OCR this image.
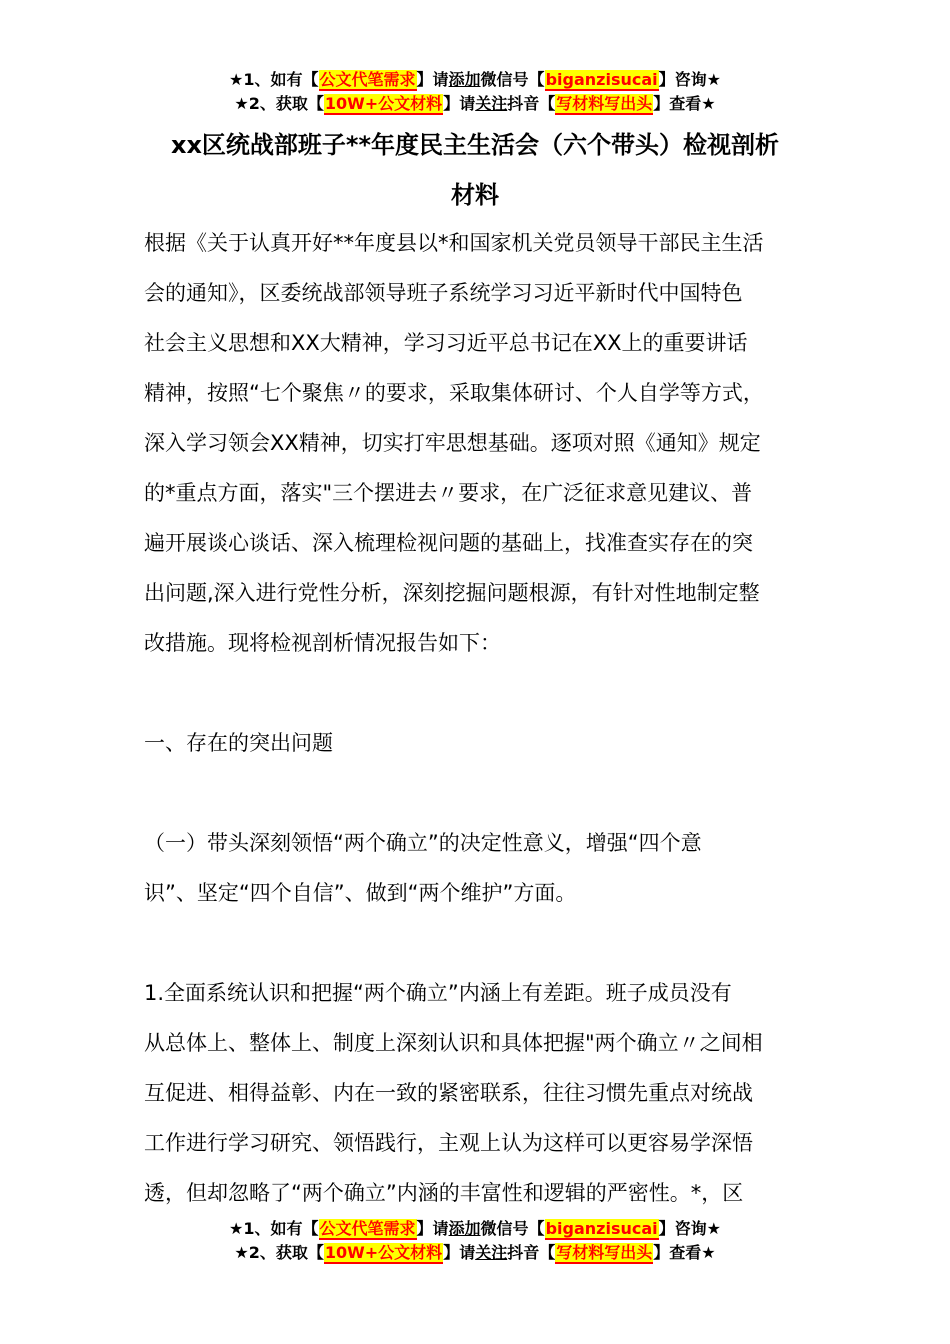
★1、如有【公文代笔需求】请添加微信号【biganzisucai】咨询★
★2、获取【10W+公文材料】请关注抖音【写材料写出头】查看★
xx区统战部班子**年度民主生活会（六个带头）检视剖析
材料
根据《关于认真开好**年度县以*和国家机关党员领导干部民主生活
会的通知》，区委统战部领导班子系统学习习近平新时代中国特色
社会主义思想和XX大精神，学习习近平总书记在XX上的重要讲话
精神，按照“七个聚焦〃的要求，采取集体研讨、个人自学等方式，
深入学习领会XX精神，切实打牢思想基础。逐项对照《通知》规定
的*重点方面，落实"三个摆进去〃要求，在广泛征求意见建议、普
遍开展谈心谈话、深入梳理检视问题的基础上，找准查实存在的突
出问题,深入进行党性分析，深刻挖掘问题根源，有针对性地制定整
改措施。现将检视剖析情况报告如下：
一、存在的突出问题
（一）带头深刻领悟“两个确立”的决定性意义，增强“四个意
识”、坚定“四个自信”、做到“两个维护”方面。
1.全面系统认识和把握“两个确立”内涵上有差距。班子成员没有
从总体上、整体上、制度上深刻认识和具体把握"两个确立〃之间相
互促进、相得益彰、内在一致的紧密联系，往往习惯先重点对统战
工作进行学习研究、领悟践行，主观上认为这样可以更容易学深悟
透，但却忽略了“两个确立”内涵的丰富性和逻辑的严密性。*，区
★1、如有【公文代笔需求】请添加微信号【biganzisucai】咨询★
★2、获取【10W+公文材料】请关注抖音【写材料写出头】查看★
